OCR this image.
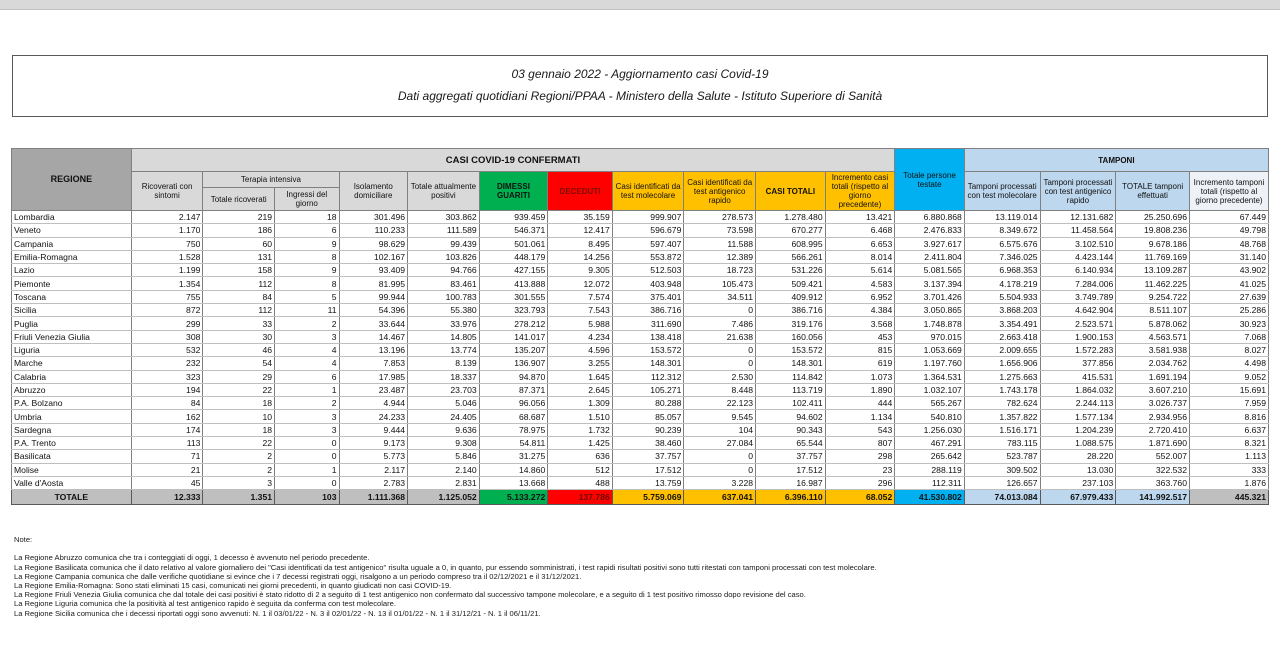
03 gennaio 2022 - Aggiornamento casi Covid-19
Dati aggregati quotidiani Regioni/PPAA - Ministero della Salute - Istituto Superiore di Sanità
REGIONE	CASI COVID-19 CONFERMATI											Totale persone testate	TAMPONI			
	Ricoverati con sintomi	Terapia intensiva		Isolamento domiciliare	Totale attualmente positivi	DIMESSI GUARITI	DECEDUTI	Casi identificati da test molecolare	Casi identificati da test antigenico rapido	CASI TOTALI	Incremento casi totali (rispetto al giorno precedente)		Tamponi processati con test molecolare	Tamponi processati con test antigenico rapido	TOTALE tamponi effettuati	Incremento tamponi totali (rispetto al giorno precedente)
		Totale ricoverati	Ingressi del giorno													
Lombardia	2.147	219	18	301.496	303.862	939.459	35.159	999.907	278.573	1.278.480	13.421	6.880.868	13.119.014	12.131.682	25.250.696	67.449
Veneto	1.170	186	6	110.233	111.589	546.371	12.417	596.679	73.598	670.277	6.468	2.476.833	8.349.672	11.458.564	19.808.236	49.798
Campania	750	60	9	98.629	99.439	501.061	8.495	597.407	11.588	608.995	6.653	3.927.617	6.575.676	3.102.510	9.678.186	48.768
Emilia-Romagna	1.528	131	8	102.167	103.826	448.179	14.256	553.872	12.389	566.261	8.014	2.411.804	7.346.025	4.423.144	11.769.169	31.140
Lazio	1.199	158	9	93.409	94.766	427.155	9.305	512.503	18.723	531.226	5.614	5.081.565	6.968.353	6.140.934	13.109.287	43.902
Piemonte	1.354	112	8	81.995	83.461	413.888	12.072	403.948	105.473	509.421	4.583	3.137.394	4.178.219	7.284.006	11.462.225	41.025
Toscana	755	84	5	99.944	100.783	301.555	7.574	375.401	34.511	409.912	6.952	3.701.426	5.504.933	3.749.789	9.254.722	27.639
Sicilia	872	112	11	54.396	55.380	323.793	7.543	386.716	0	386.716	4.384	3.050.865	3.868.203	4.642.904	8.511.107	25.286
Puglia	299	33	2	33.644	33.976	278.212	5.988	311.690	7.486	319.176	3.568	1.748.878	3.354.491	2.523.571	5.878.062	30.923
Friuli Venezia Giulia	308	30	3	14.467	14.805	141.017	4.234	138.418	21.638	160.056	453	970.015	2.663.418	1.900.153	4.563.571	7.068
Liguria	532	46	4	13.196	13.774	135.207	4.596	153.572	0	153.572	815	1.053.669	2.009.655	1.572.283	3.581.938	8.027
Marche	232	54	4	7.853	8.139	136.907	3.255	148.301	0	148.301	619	1.197.760	1.656.906	377.856	2.034.762	4.498
Calabria	323	29	6	17.985	18.337	94.870	1.645	112.312	2.530	114.842	1.073	1.364.531	1.275.663	415.531	1.691.194	9.052
Abruzzo	194	22	1	23.487	23.703	87.371	2.645	105.271	8.448	113.719	1.890	1.032.107	1.743.178	1.864.032	3.607.210	15.691
P.A. Bolzano	84	18	2	4.944	5.046	96.056	1.309	80.288	22.123	102.411	444	565.267	782.624	2.244.113	3.026.737	7.959
Umbria	162	10	3	24.233	24.405	68.687	1.510	85.057	9.545	94.602	1.134	540.810	1.357.822	1.577.134	2.934.956	8.816
Sardegna	174	18	3	9.444	9.636	78.975	1.732	90.239	104	90.343	543	1.256.030	1.516.171	1.204.239	2.720.410	6.637
P.A. Trento	113	22	0	9.173	9.308	54.811	1.425	38.460	27.084	65.544	807	467.291	783.115	1.088.575	1.871.690	8.321
Basilicata	71	2	0	5.773	5.846	31.275	636	37.757	0	37.757	298	265.642	523.787	28.220	552.007	1.113
Molise	21	2	1	2.117	2.140	14.860	512	17.512	0	17.512	23	288.119	309.502	13.030	322.532	333
Valle d'Aosta	45	3	0	2.783	2.831	13.668	488	13.759	3.228	16.987	296	112.311	126.657	237.103	363.760	1.876
TOTALE	12.333	1.351	103	1.111.368	1.125.052	5.133.272	137.786	5.759.069	637.041	6.396.110	68.052	41.530.802	74.013.084	67.979.433	141.992.517	445.321
Note:
La Regione Abruzzo comunica che tra i conteggiati di oggi, 1 decesso è avvenuto nel periodo precedente.
La Regione Basilicata comunica che il dato relativo al valore giornaliero dei "Casi identificati da test antigenico" risulta uguale a 0, in quanto, pur essendo somministrati, i test rapidi risultati positivi sono tutti ritestati con tamponi processati con test molecolare.
La Regione Campania comunica che dalle verifiche quotidiane si evince che i 7 decessi registrati oggi, risalgono a un periodo compreso tra il 02/12/2021 e il 31/12/2021.
La Regione Emilia-Romagna: Sono stati eliminati 15 casi, comunicati nei giorni precedenti, in quanto giudicati non casi COVID-19.
La Regione Friuli Venezia Giulia comunica che dal totale dei casi positivi è stato ridotto di 2 a seguito di 1 test antigenico non confermato dal successivo tampone molecolare, e a seguito di 1 test positivo rimosso dopo revisione del caso.
La Regione Liguria comunica che la positività al test antigenico rapido è seguita da conferma con test molecolare.
La Regione Sicilia comunica che i decessi riportati oggi sono avvenuti: N. 1 il 03/01/22 - N. 3 il 02/01/22 - N. 13 il 01/01/22 - N. 1 il 31/12/21 - N. 1 il 06/11/21.
